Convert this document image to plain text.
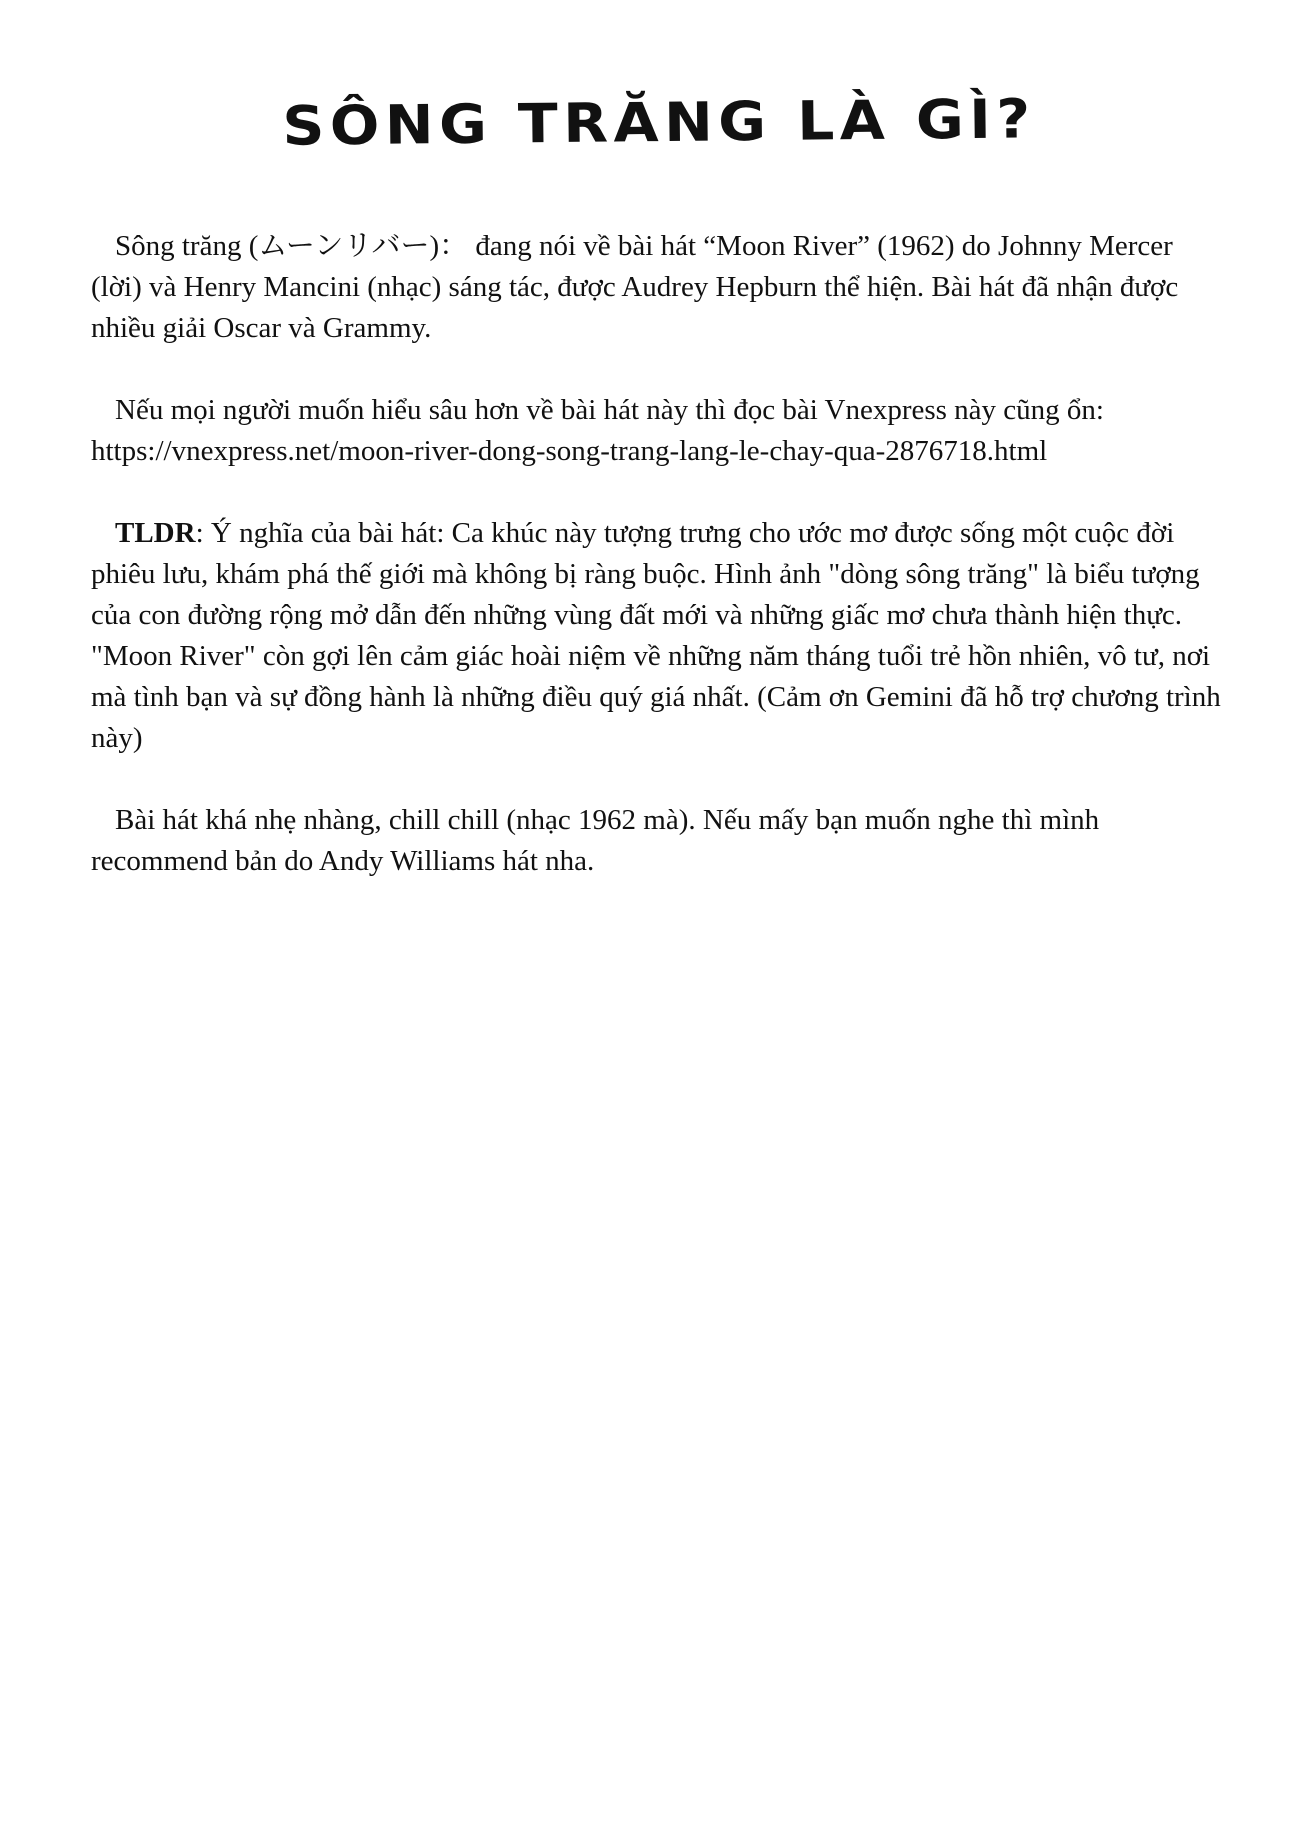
SÔNG TRĂNG LÀ GÌ?

Sông trăng (ムーンリバー)： đang nói về bài hát “Moon River” (1962) do Johnny Mercer (lời) và Henry Mancini (nhạc) sáng tác, được Audrey Hepburn thể hiện. Bài hát đã nhận được nhiều giải Oscar và Grammy.

Nếu mọi người muốn hiểu sâu hơn về bài hát này thì đọc bài Vnexpress này cũng ổn:
https://vnexpress.net/moon-river-dong-song-trang-lang-le-chay-qua-2876718.html

TLDR: Ý nghĩa của bài hát: Ca khúc này tượng trưng cho ước mơ được sống một cuộc đời phiêu lưu, khám phá thế giới mà không bị ràng buộc. Hình ảnh "dòng sông trăng" là biểu tượng của con đường rộng mở dẫn đến những vùng đất mới và những giấc mơ chưa thành hiện thực. "Moon River" còn gợi lên cảm giác hoài niệm về những năm tháng tuổi trẻ hồn nhiên, vô tư, nơi mà tình bạn và sự đồng hành là những điều quý giá nhất. (Cảm ơn Gemini đã hỗ trợ chương trình này)

Bài hát khá nhẹ nhàng, chill chill (nhạc 1962 mà). Nếu mấy bạn muốn nghe thì mình recommend bản do Andy Williams hát nha.
